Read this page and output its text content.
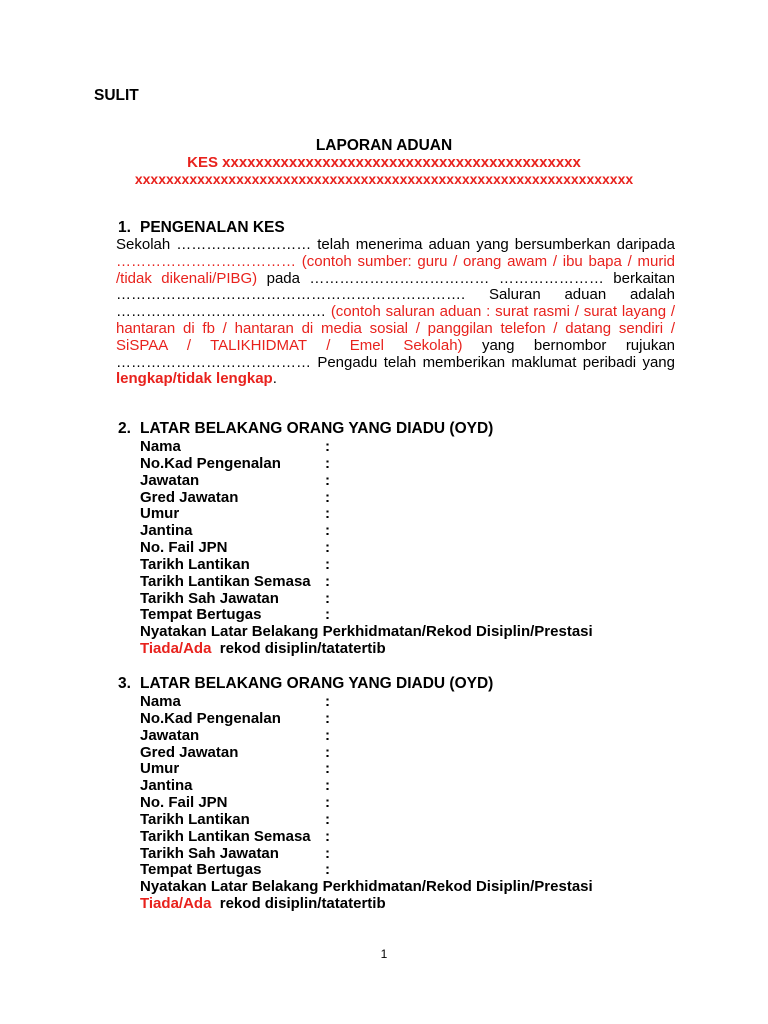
SULIT
LAPORAN ADUAN
KES xxxxxxxxxxxxxxxxxxxxxxxxxxxxxxxxxxxxxxxxxxx
xxxxxxxxxxxxxxxxxxxxxxxxxxxxxxxxxxxxxxxxxxxxxxxxxxxxxxxxxxxxxxxx
1. PENGENALAN KES
Sekolah ……………………… telah menerima aduan yang bersumberkan daripada ……………………………… (contoh sumber: guru / orang awam / ibu bapa / murid /tidak dikenali/PIBG) pada ……………………………… ………………… berkaitan ……………………………………………………………. Saluran aduan adalah …………………………………… (contoh saluran aduan : surat rasmi / surat layang / hantaran di fb / hantaran di media sosial / panggilan telefon / datang sendiri / SiSPAA / TALIKHIDMAT / Emel Sekolah) yang bernombor rujukan ………………………………… Pengadu telah memberikan maklumat peribadi yang lengkap/tidak lengkap.
2. LATAR BELAKANG ORANG YANG DIADU (OYD)
Nama	:
No.Kad Pengenalan	:
Jawatan	:
Gred Jawatan	:
Umur	:
Jantina	:
No. Fail JPN	:
Tarikh Lantikan	:
Tarikh Lantikan Semasa :
Tarikh Sah Jawatan	:
Tempat Bertugas	:
Nyatakan Latar Belakang Perkhidmatan/Rekod Disiplin/Prestasi
Tiada/Ada  rekod disiplin/tatatertib
3. LATAR BELAKANG ORANG YANG DIADU (OYD)
Nama	:
No.Kad Pengenalan	:
Jawatan	:
Gred Jawatan	:
Umur	:
Jantina	:
No. Fail JPN	:
Tarikh Lantikan	:
Tarikh Lantikan Semasa :
Tarikh Sah Jawatan	:
Tempat Bertugas	:
Nyatakan Latar Belakang Perkhidmatan/Rekod Disiplin/Prestasi
Tiada/Ada  rekod disiplin/tatatertib
1
